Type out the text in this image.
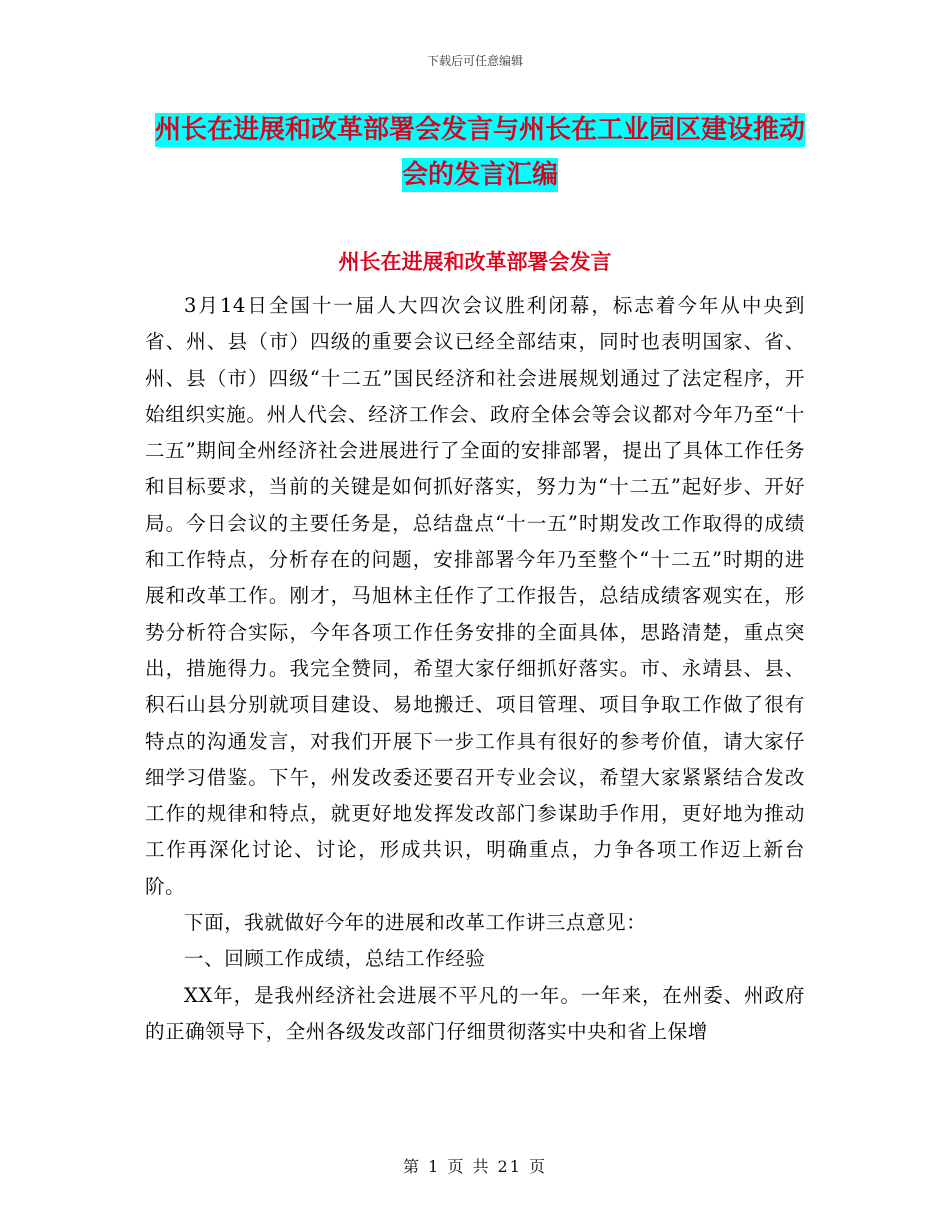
下载后可任意编辑
州长在进展和改革部署会发言与州长在工业园区建设推动会的发言汇编
州长在进展和改革部署会发言

3月14日全国十一届人大四次会议胜利闭幕，标志着今年从中央到省、州、县（市）四级的重要会议已经全部结束，同时也表明国家、省、州、县（市）四级“十二五”国民经济和社会进展规划通过了法定程序，开始组织实施。州人代会、经济工作会、政府全体会等会议都对今年乃至“十二五”期间全州经济社会进展进行了全面的安排部署，提出了具体工作任务和目标要求，当前的关键是如何抓好落实，努力为“十二五”起好步、开好局。今日会议的主要任务是，总结盘点“十一五”时期发改工作取得的成绩和工作特点，分析存在的问题，安排部署今年乃至整个“十二五”时期的进展和改革工作。刚才，马旭林主任作了工作报告，总结成绩客观实在，形势分析符合实际，今年各项工作任务安排的全面具体，思路清楚，重点突出，措施得力。我完全赞同，希望大家仔细抓好落实。市、永靖县、县、积石山县分别就项目建设、易地搬迁、项目管理、项目争取工作做了很有特点的沟通发言，对我们开展下一步工作具有很好的参考价值，请大家仔细学习借鉴。下午，州发改委还要召开专业会议，希望大家紧紧结合发改工作的规律和特点，就更好地发挥发改部门参谋助手作用，更好地为推动工作再深化讨论、讨论，形成共识，明确重点，力争各项工作迈上新台阶。

下面，我就做好今年的进展和改革工作讲三点意见：

一、回顾工作成绩，总结工作经验

XX年，是我州经济社会进展不平凡的一年。一年来，在州委、州政府的正确领导下，全州各级发改部门仔细贯彻落实中央和省上保增

第 1 页 共 21 页
